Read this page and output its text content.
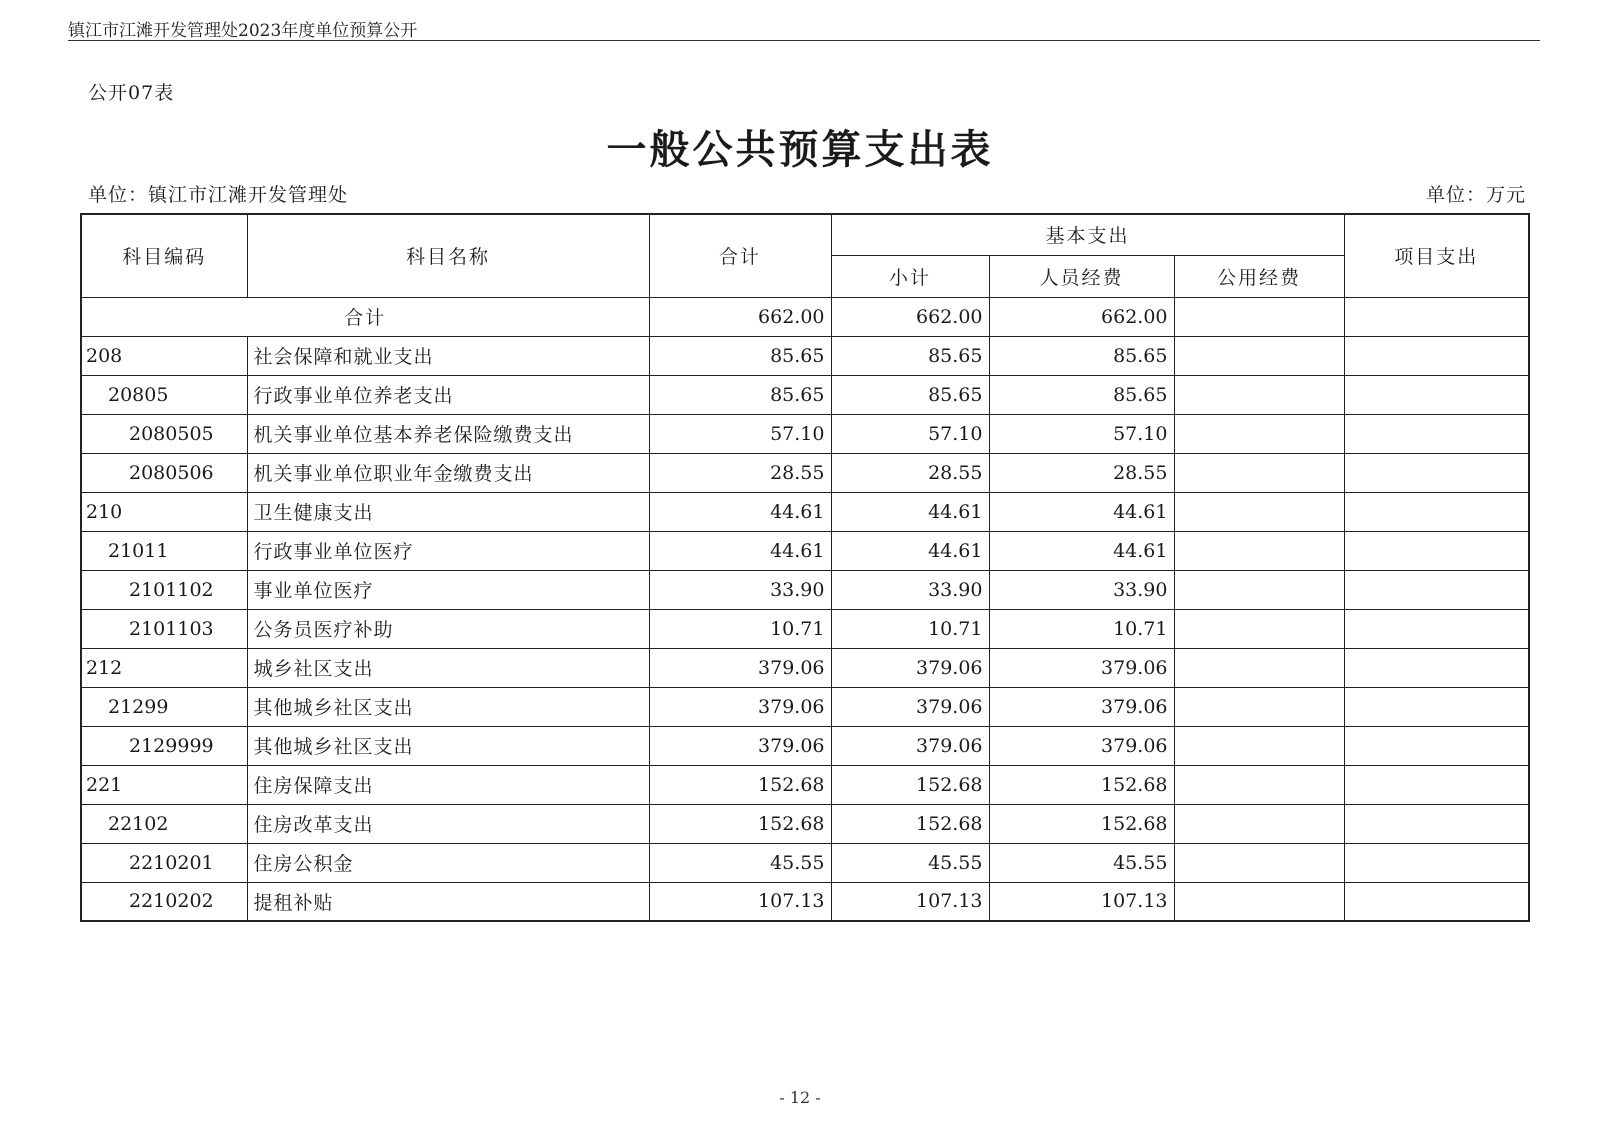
镇江市江滩开发管理处2023年度单位预算公开
公开07表
一般公共预算支出表
单位：镇江市江滩开发管理处	单位：万元
科目编码	科目名称	合计	基本支出			项目支出
			小计	人员经费	公用经费	
合计		662.00	662.00	662.00		
208	社会保障和就业支出	85.65	85.65	85.65		
20805	行政事业单位养老支出	85.65	85.65	85.65		
2080505	机关事业单位基本养老保险缴费支出	57.10	57.10	57.10		
2080506	机关事业单位职业年金缴费支出	28.55	28.55	28.55		
210	卫生健康支出	44.61	44.61	44.61		
21011	行政事业单位医疗	44.61	44.61	44.61		
2101102	事业单位医疗	33.90	33.90	33.90		
2101103	公务员医疗补助	10.71	10.71	10.71		
212	城乡社区支出	379.06	379.06	379.06		
21299	其他城乡社区支出	379.06	379.06	379.06		
2129999	其他城乡社区支出	379.06	379.06	379.06		
221	住房保障支出	152.68	152.68	152.68		
22102	住房改革支出	152.68	152.68	152.68		
2210201	住房公积金	45.55	45.55	45.55		
2210202	提租补贴	107.13	107.13	107.13		
- 12 -
